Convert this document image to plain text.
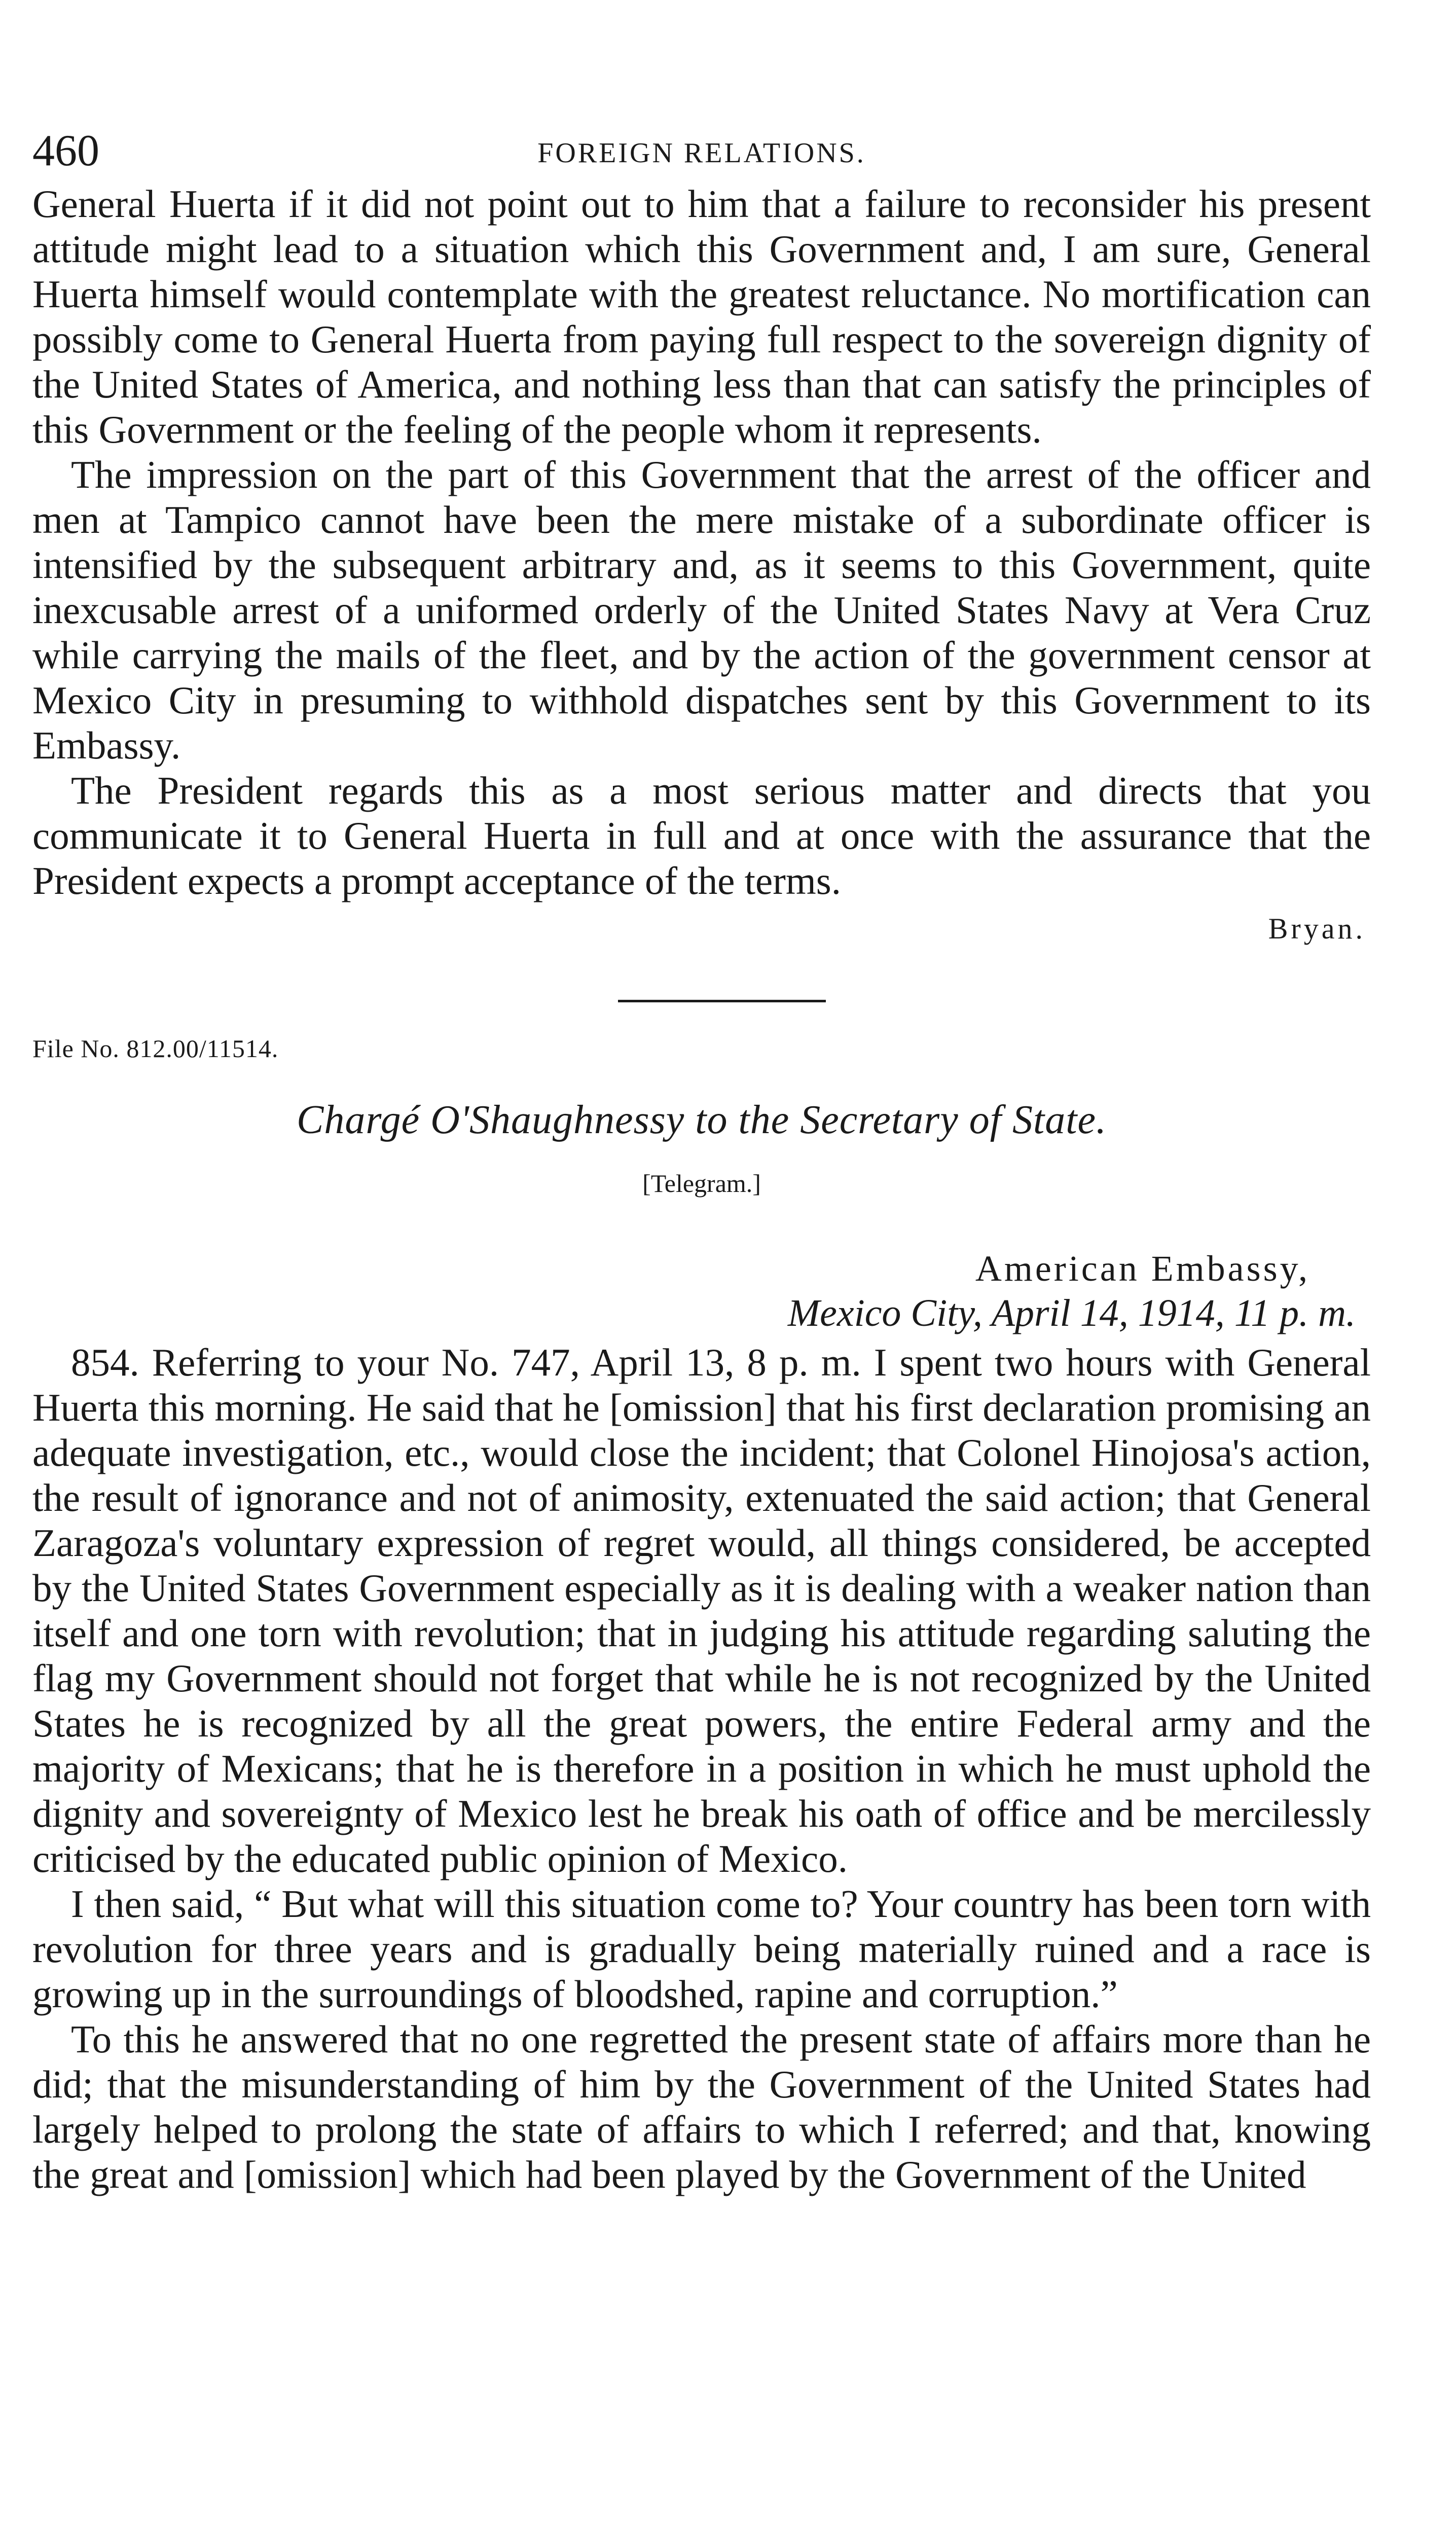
460	FOREIGN RELATIONS.

General Huerta if it did not point out to him that a failure to reconsider his present attitude might lead to a situation which this Government and, I am sure, General Huerta himself would contemplate with the greatest reluctance. No mortification can possibly come to General Huerta from paying full respect to the sovereign dignity of the United States of America, and nothing less than that can satisfy the principles of this Government or the feeling of the people whom it represents.

The impression on the part of this Government that the arrest of the officer and men at Tampico cannot have been the mere mistake of a subordinate officer is intensified by the subsequent arbitrary and, as it seems to this Government, quite inexcusable arrest of a uniformed orderly of the United States Navy at Vera Cruz while carrying the mails of the fleet, and by the action of the government censor at Mexico City in presuming to withhold dispatches sent by this Government to its Embassy.

The President regards this as a most serious matter and directs that you communicate it to General Huerta in full and at once with the assurance that the President expects a prompt acceptance of the terms.

Bryan.
File No. 812.00/11514.
Chargé O'Shaughnessy to the Secretary of State.
[Telegram.]
American Embassy,
Mexico City, April 14, 1914, 11 p. m.

854. Referring to your No. 747, April 13, 8 p. m. I spent two hours with General Huerta this morning. He said that he [omission] that his first declaration promising an adequate investigation, etc., would close the incident; that Colonel Hinojosa's action, the result of ignorance and not of animosity, extenuated the said action; that General Zaragoza's voluntary expression of regret would, all things considered, be accepted by the United States Government especially as it is dealing with a weaker nation than itself and one torn with revolution; that in judging his attitude regarding saluting the flag my Government should not forget that while he is not recognized by the United States he is recognized by all the great powers, the entire Federal army and the majority of Mexicans; that he is therefore in a position in which he must uphold the dignity and sovereignty of Mexico lest he break his oath of office and be mercilessly criticised by the educated public opinion of Mexico.

I then said, “ But what will this situation come to? Your country has been torn with revolution for three years and is gradually being materially ruined and a race is growing up in the surroundings of bloodshed, rapine and corruption.”

To this he answered that no one regretted the present state of affairs more than he did; that the misunderstanding of him by the Government of the United States had largely helped to prolong the state of affairs to which I referred; and that, knowing the great and [omission] which had been played by the Government of the United
